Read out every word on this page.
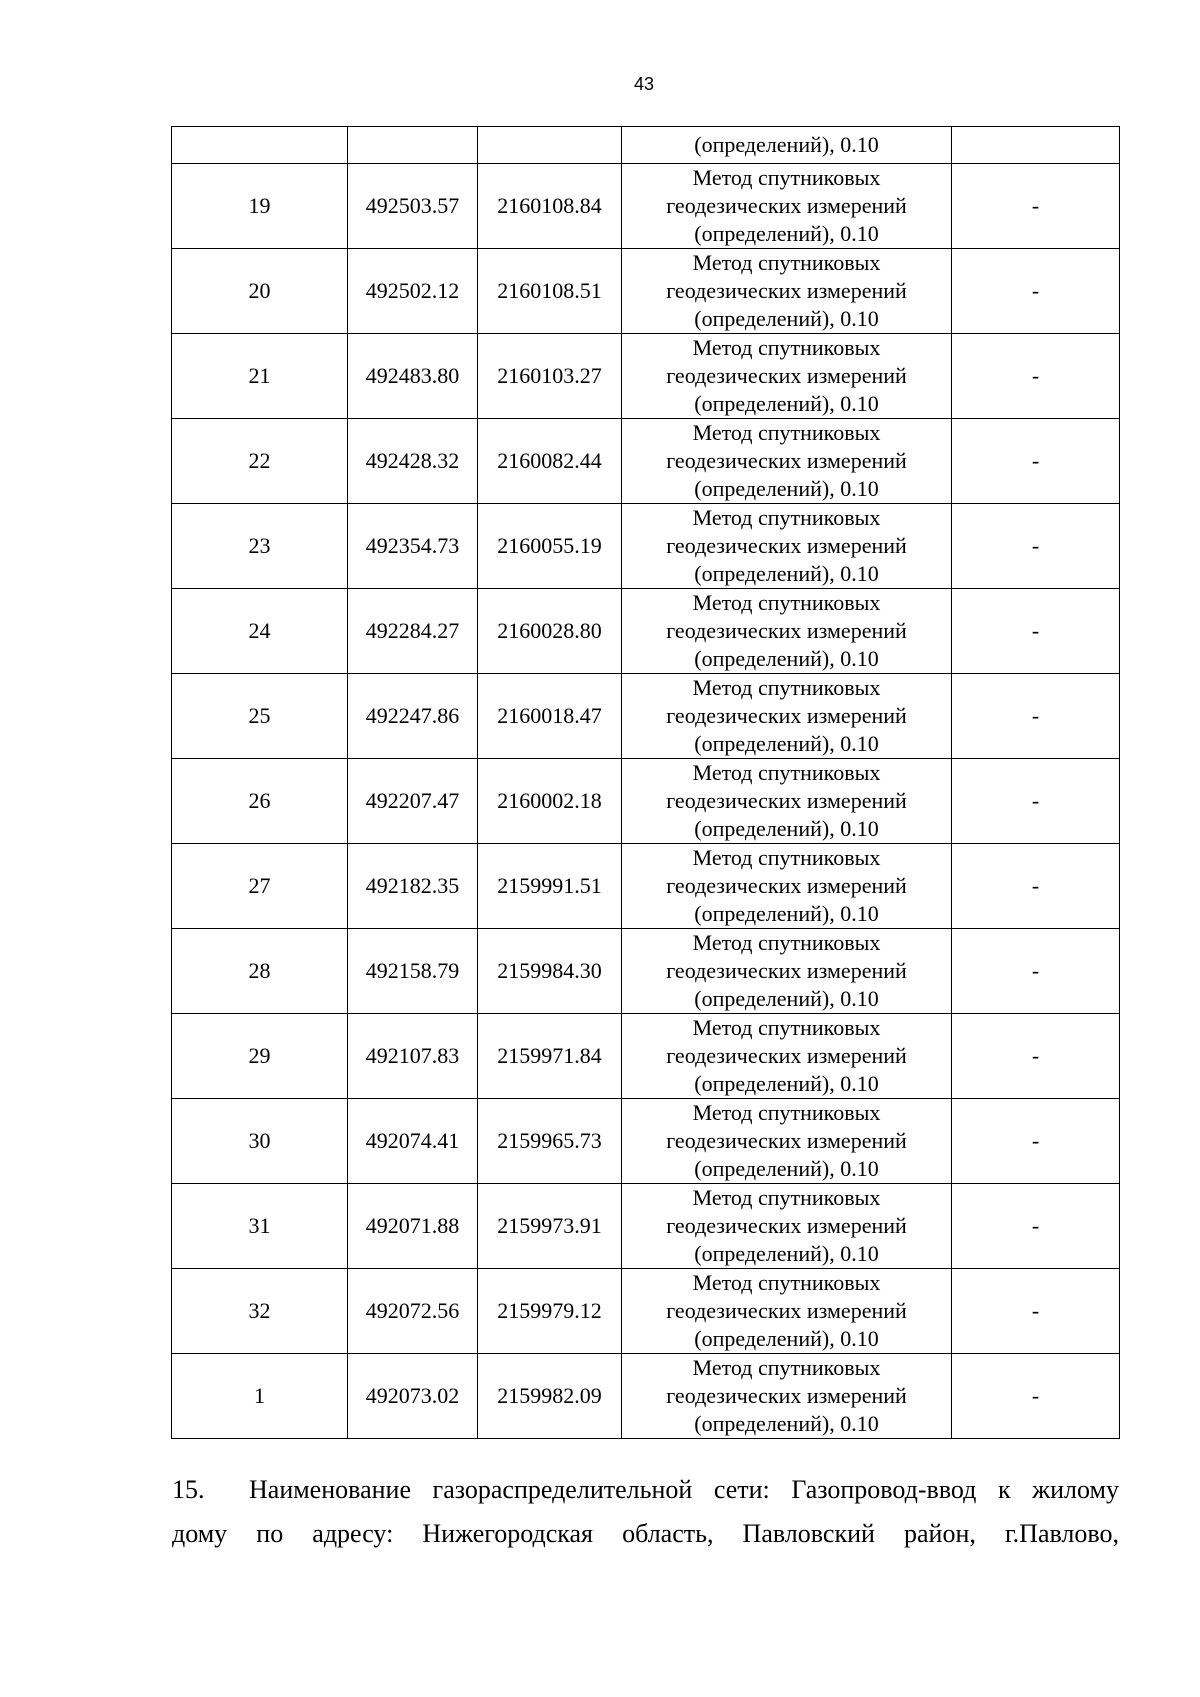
43
			(определений), 0.10	
19	492503.57	2160108.84	Метод спутниковых
геодезических измерений
(определений), 0.10	-
20	492502.12	2160108.51	Метод спутниковых
геодезических измерений
(определений), 0.10	-
21	492483.80	2160103.27	Метод спутниковых
геодезических измерений
(определений), 0.10	-
22	492428.32	2160082.44	Метод спутниковых
геодезических измерений
(определений), 0.10	-
23	492354.73	2160055.19	Метод спутниковых
геодезических измерений
(определений), 0.10	-
24	492284.27	2160028.80	Метод спутниковых
геодезических измерений
(определений), 0.10	-
25	492247.86	2160018.47	Метод спутниковых
геодезических измерений
(определений), 0.10	-
26	492207.47	2160002.18	Метод спутниковых
геодезических измерений
(определений), 0.10	-
27	492182.35	2159991.51	Метод спутниковых
геодезических измерений
(определений), 0.10	-
28	492158.79	2159984.30	Метод спутниковых
геодезических измерений
(определений), 0.10	-
29	492107.83	2159971.84	Метод спутниковых
геодезических измерений
(определений), 0.10	-
30	492074.41	2159965.73	Метод спутниковых
геодезических измерений
(определений), 0.10	-
31	492071.88	2159973.91	Метод спутниковых
геодезических измерений
(определений), 0.10	-
32	492072.56	2159979.12	Метод спутниковых
геодезических измерений
(определений), 0.10	-
1	492073.02	2159982.09	Метод спутниковых
геодезических измерений
(определений), 0.10	-

15. Наименование газораспределительной сети: Газопровод-ввод к жилому

дому по адресу: Нижегородская область, Павловский район, г.Павлово,
